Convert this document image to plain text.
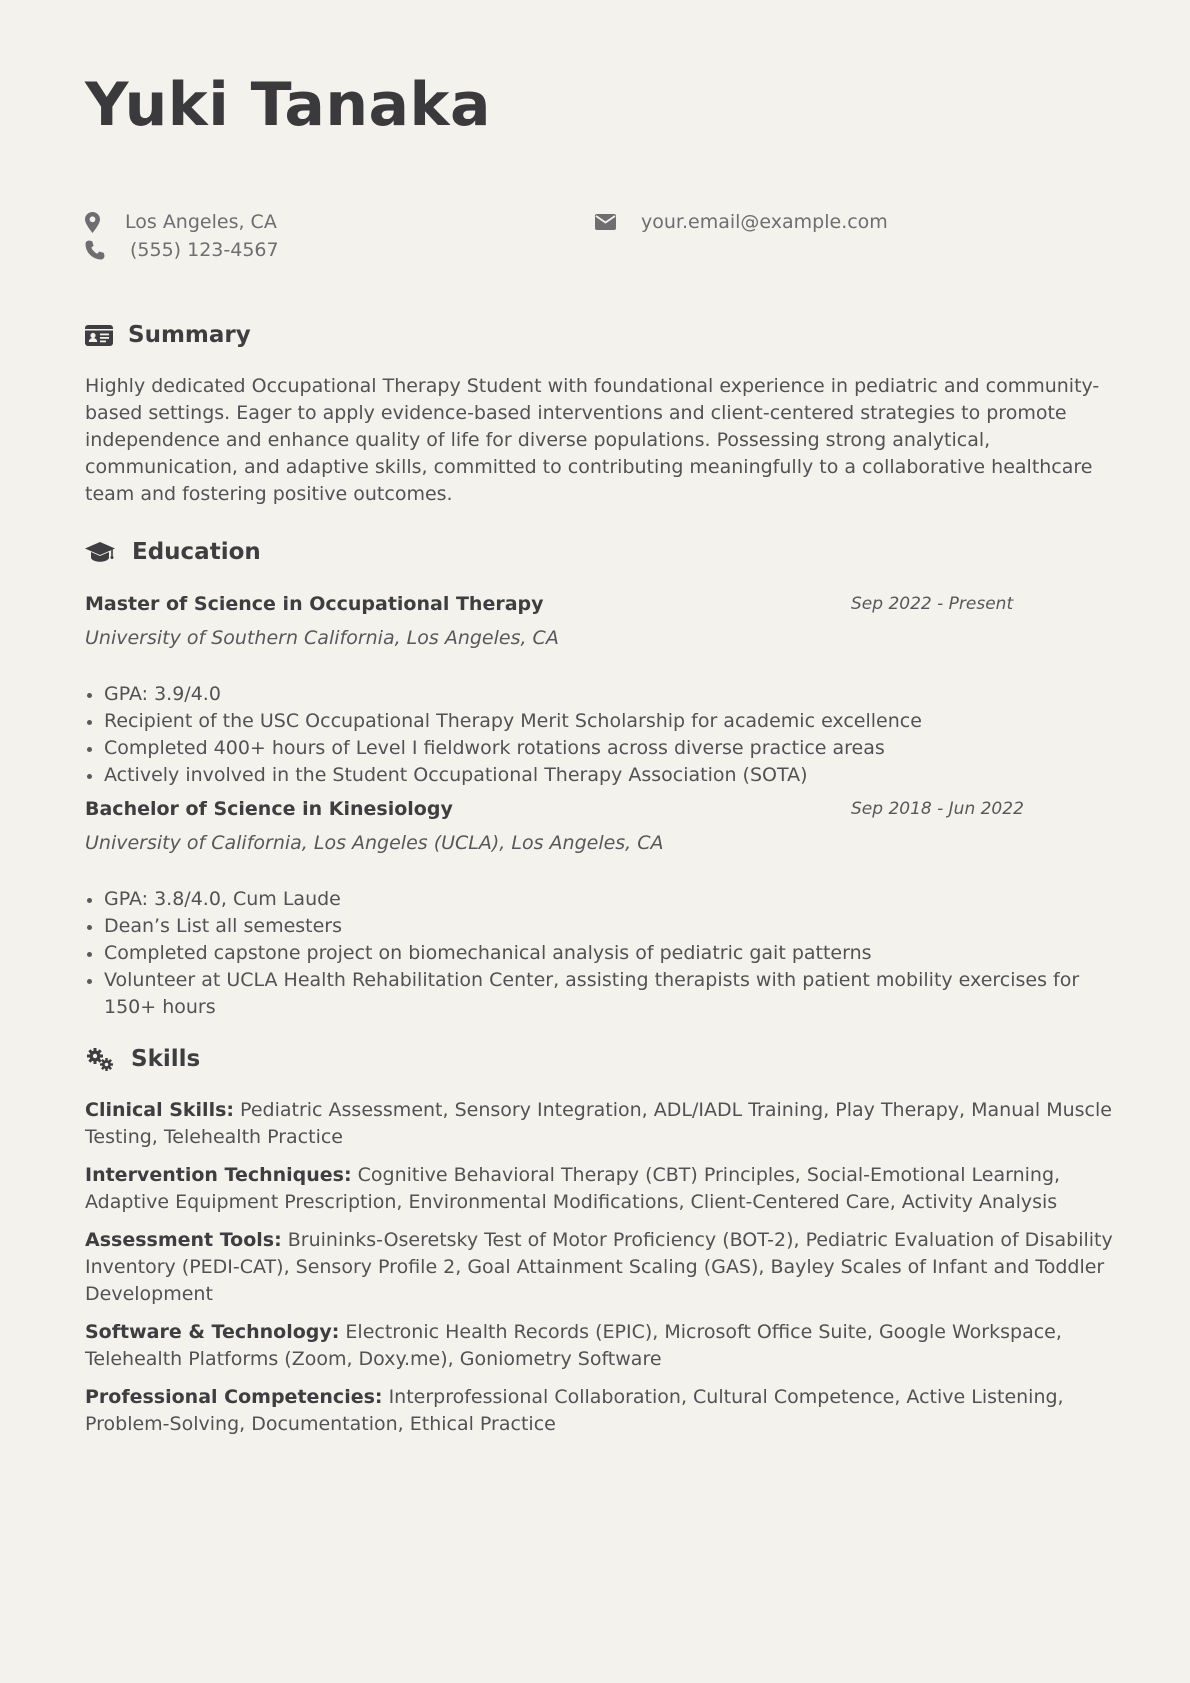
Yuki Tanaka
Los Angeles, CA
(555) 123-4567
your.email@example.com
Summary

Highly dedicated Occupational Therapy Student with foundational experience in pediatric and community-based settings. Eager to apply evidence-based interventions and client-centered strategies to promote independence and enhance quality of life for diverse populations. Possessing strong analytical, communication, and adaptive skills, committed to contributing meaningfully to a collaborative healthcare team and fostering positive outcomes.

Education
Master of Science in Occupational Therapy	Sep 2022 - Present
University of Southern California, Los Angeles, CA
GPA: 3.9/4.0
Recipient of the USC Occupational Therapy Merit Scholarship for academic excellence
Completed 400+ hours of Level I fieldwork rotations across diverse practice areas
Actively involved in the Student Occupational Therapy Association (SOTA)
Bachelor of Science in Kinesiology	Sep 2018 - Jun 2022
University of California, Los Angeles (UCLA), Los Angeles, CA
GPA: 3.8/4.0, Cum Laude
Dean’s List all semesters
Completed capstone project on biomechanical analysis of pediatric gait patterns
Volunteer at UCLA Health Rehabilitation Center, assisting therapists with patient mobility exercises for 150+ hours
Skills

Clinical Skills: Pediatric Assessment, Sensory Integration, ADL/IADL Training, Play Therapy, Manual Muscle Testing, Telehealth Practice

Intervention Techniques: Cognitive Behavioral Therapy (CBT) Principles, Social-Emotional Learning, Adaptive Equipment Prescription, Environmental Modifications, Client-Centered Care, Activity Analysis

Assessment Tools: Bruininks-Oseretsky Test of Motor Proficiency (BOT-2), Pediatric Evaluation of Disability Inventory (PEDI-CAT), Sensory Profile 2, Goal Attainment Scaling (GAS), Bayley Scales of Infant and Toddler Development

Software & Technology: Electronic Health Records (EPIC), Microsoft Office Suite, Google Workspace, Telehealth Platforms (Zoom, Doxy.me), Goniometry Software

Professional Competencies: Interprofessional Collaboration, Cultural Competence, Active Listening, Problem-Solving, Documentation, Ethical Practice
